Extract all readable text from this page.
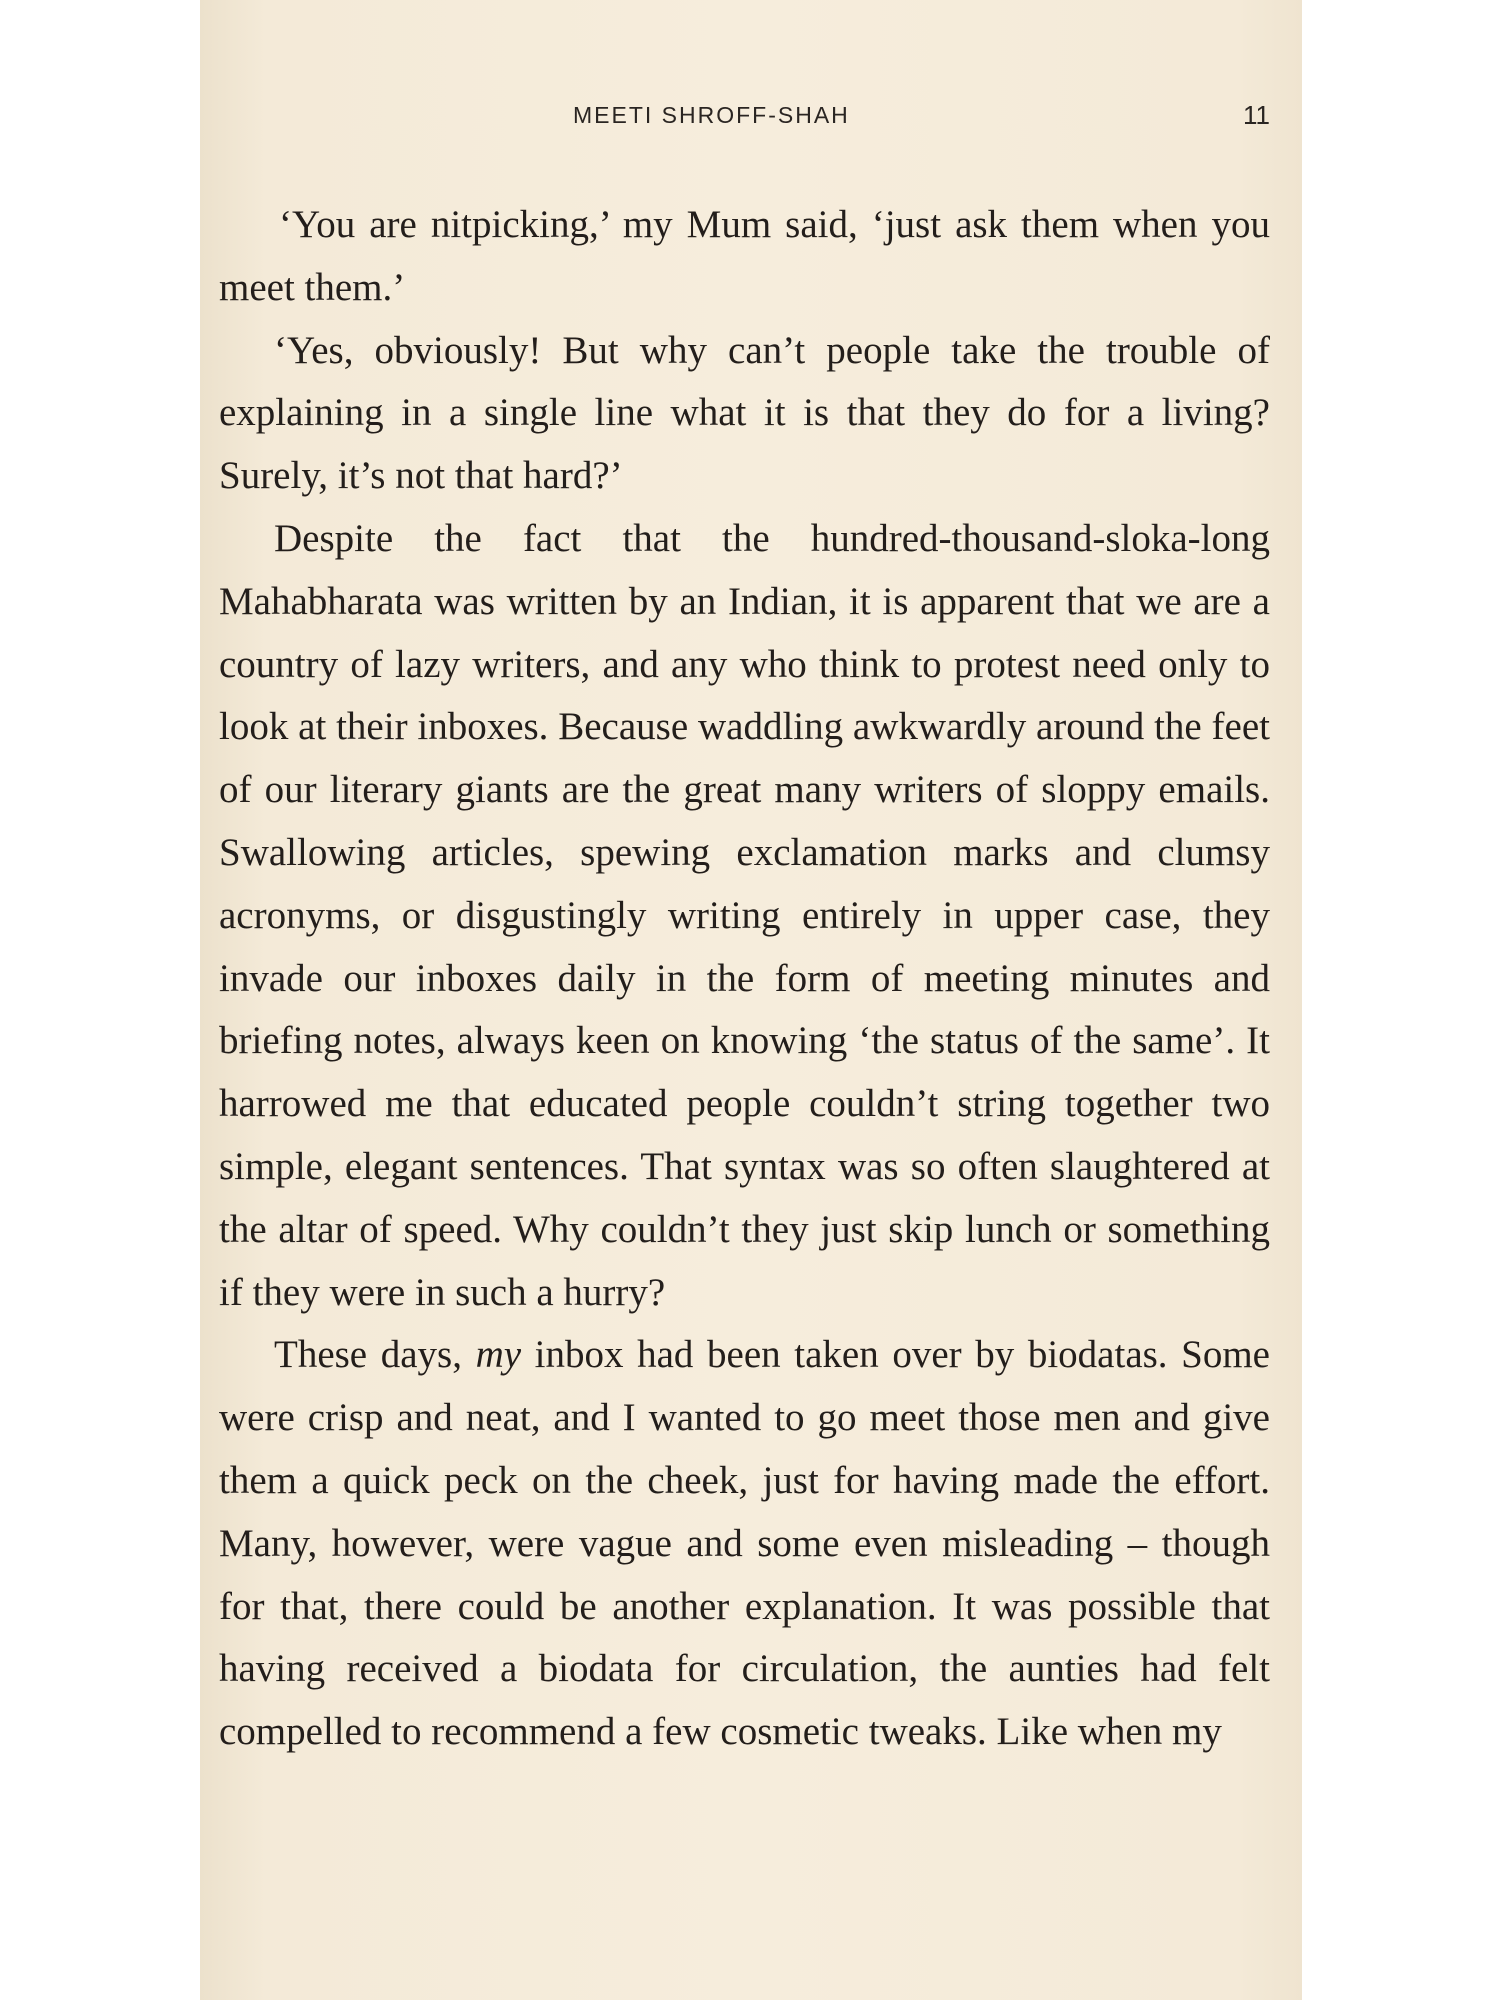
MEETI SHROFF-SHAH	11

‘You are nitpicking,’ my Mum said, ‘just ask them when you meet them.’

‘Yes, obviously! But why can’t people take the trouble of explaining in a single line what it is that they do for a living? Surely, it’s not that hard?’

Despite the fact that the hundred-thousand-sloka-long Mahabharata was written by an Indian, it is apparent that we are a country of lazy writers, and any who think to protest need only to look at their inboxes. Because waddling awkwardly around the feet of our literary giants are the great many writers of sloppy emails. Swallowing articles, spewing exclamation marks and clumsy acronyms, or disgustingly writing entirely in upper case, they invade our inboxes daily in the form of meeting minutes and briefing notes, always keen on knowing ‘the status of the same’. It harrowed me that educated people couldn’t string together two simple, elegant sentences. That syntax was so often slaughtered at the altar of speed. Why couldn’t they just skip lunch or something if they were in such a hurry?

These days, my inbox had been taken over by biodatas. Some were crisp and neat, and I wanted to go meet those men and give them a quick peck on the cheek, just for having made the effort. Many, however, were vague and some even misleading – though for that, there could be another explanation. It was possible that having received a biodata for circulation, the aunties had felt compelled to recommend a few cosmetic tweaks. Like when my
